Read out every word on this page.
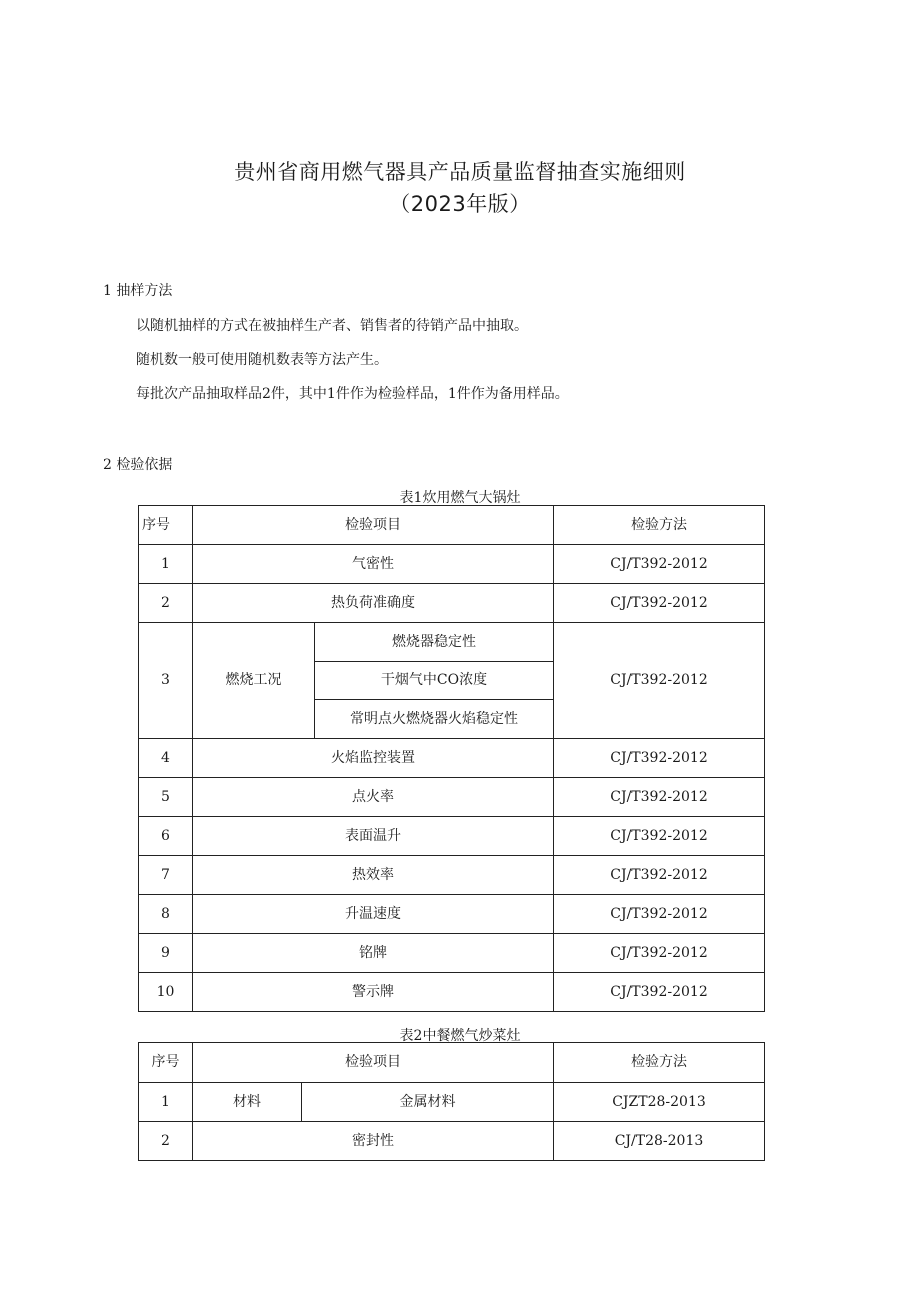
贵州省商用燃气器具产品质量监督抽查实施细则
（2023年版）
1 抽样方法
以随机抽样的方式在被抽样生产者、销售者的待销产品中抽取。
随机数一般可使用随机数表等方法产生。
每批次产品抽取样品2件，其中1件作为检验样品，1件作为备用样品。
2 检验依据
表1炊用燃气大锅灶
序号	检验项目		检验方法
1	气密性		CJ/T392-2012
2	热负荷准确度		CJ/T392-2012
3	燃烧工况	燃烧器稳定性	CJ/T392-2012
		干烟气中CO浓度	
		常明点火燃烧器火焰稳定性	
4	火焰监控装置		CJ/T392-2012
5	点火率		CJ/T392-2012
6	表面温升		CJ/T392-2012
7	热效率		CJ/T392-2012
8	升温速度		CJ/T392-2012
9	铭牌		CJ/T392-2012
10	警示牌		CJ/T392-2012
表2中餐燃气炒菜灶
序号	检验项目		检验方法
1	材料	金属材料	CJZT28-2013
2	密封性		CJ/T28-2013
